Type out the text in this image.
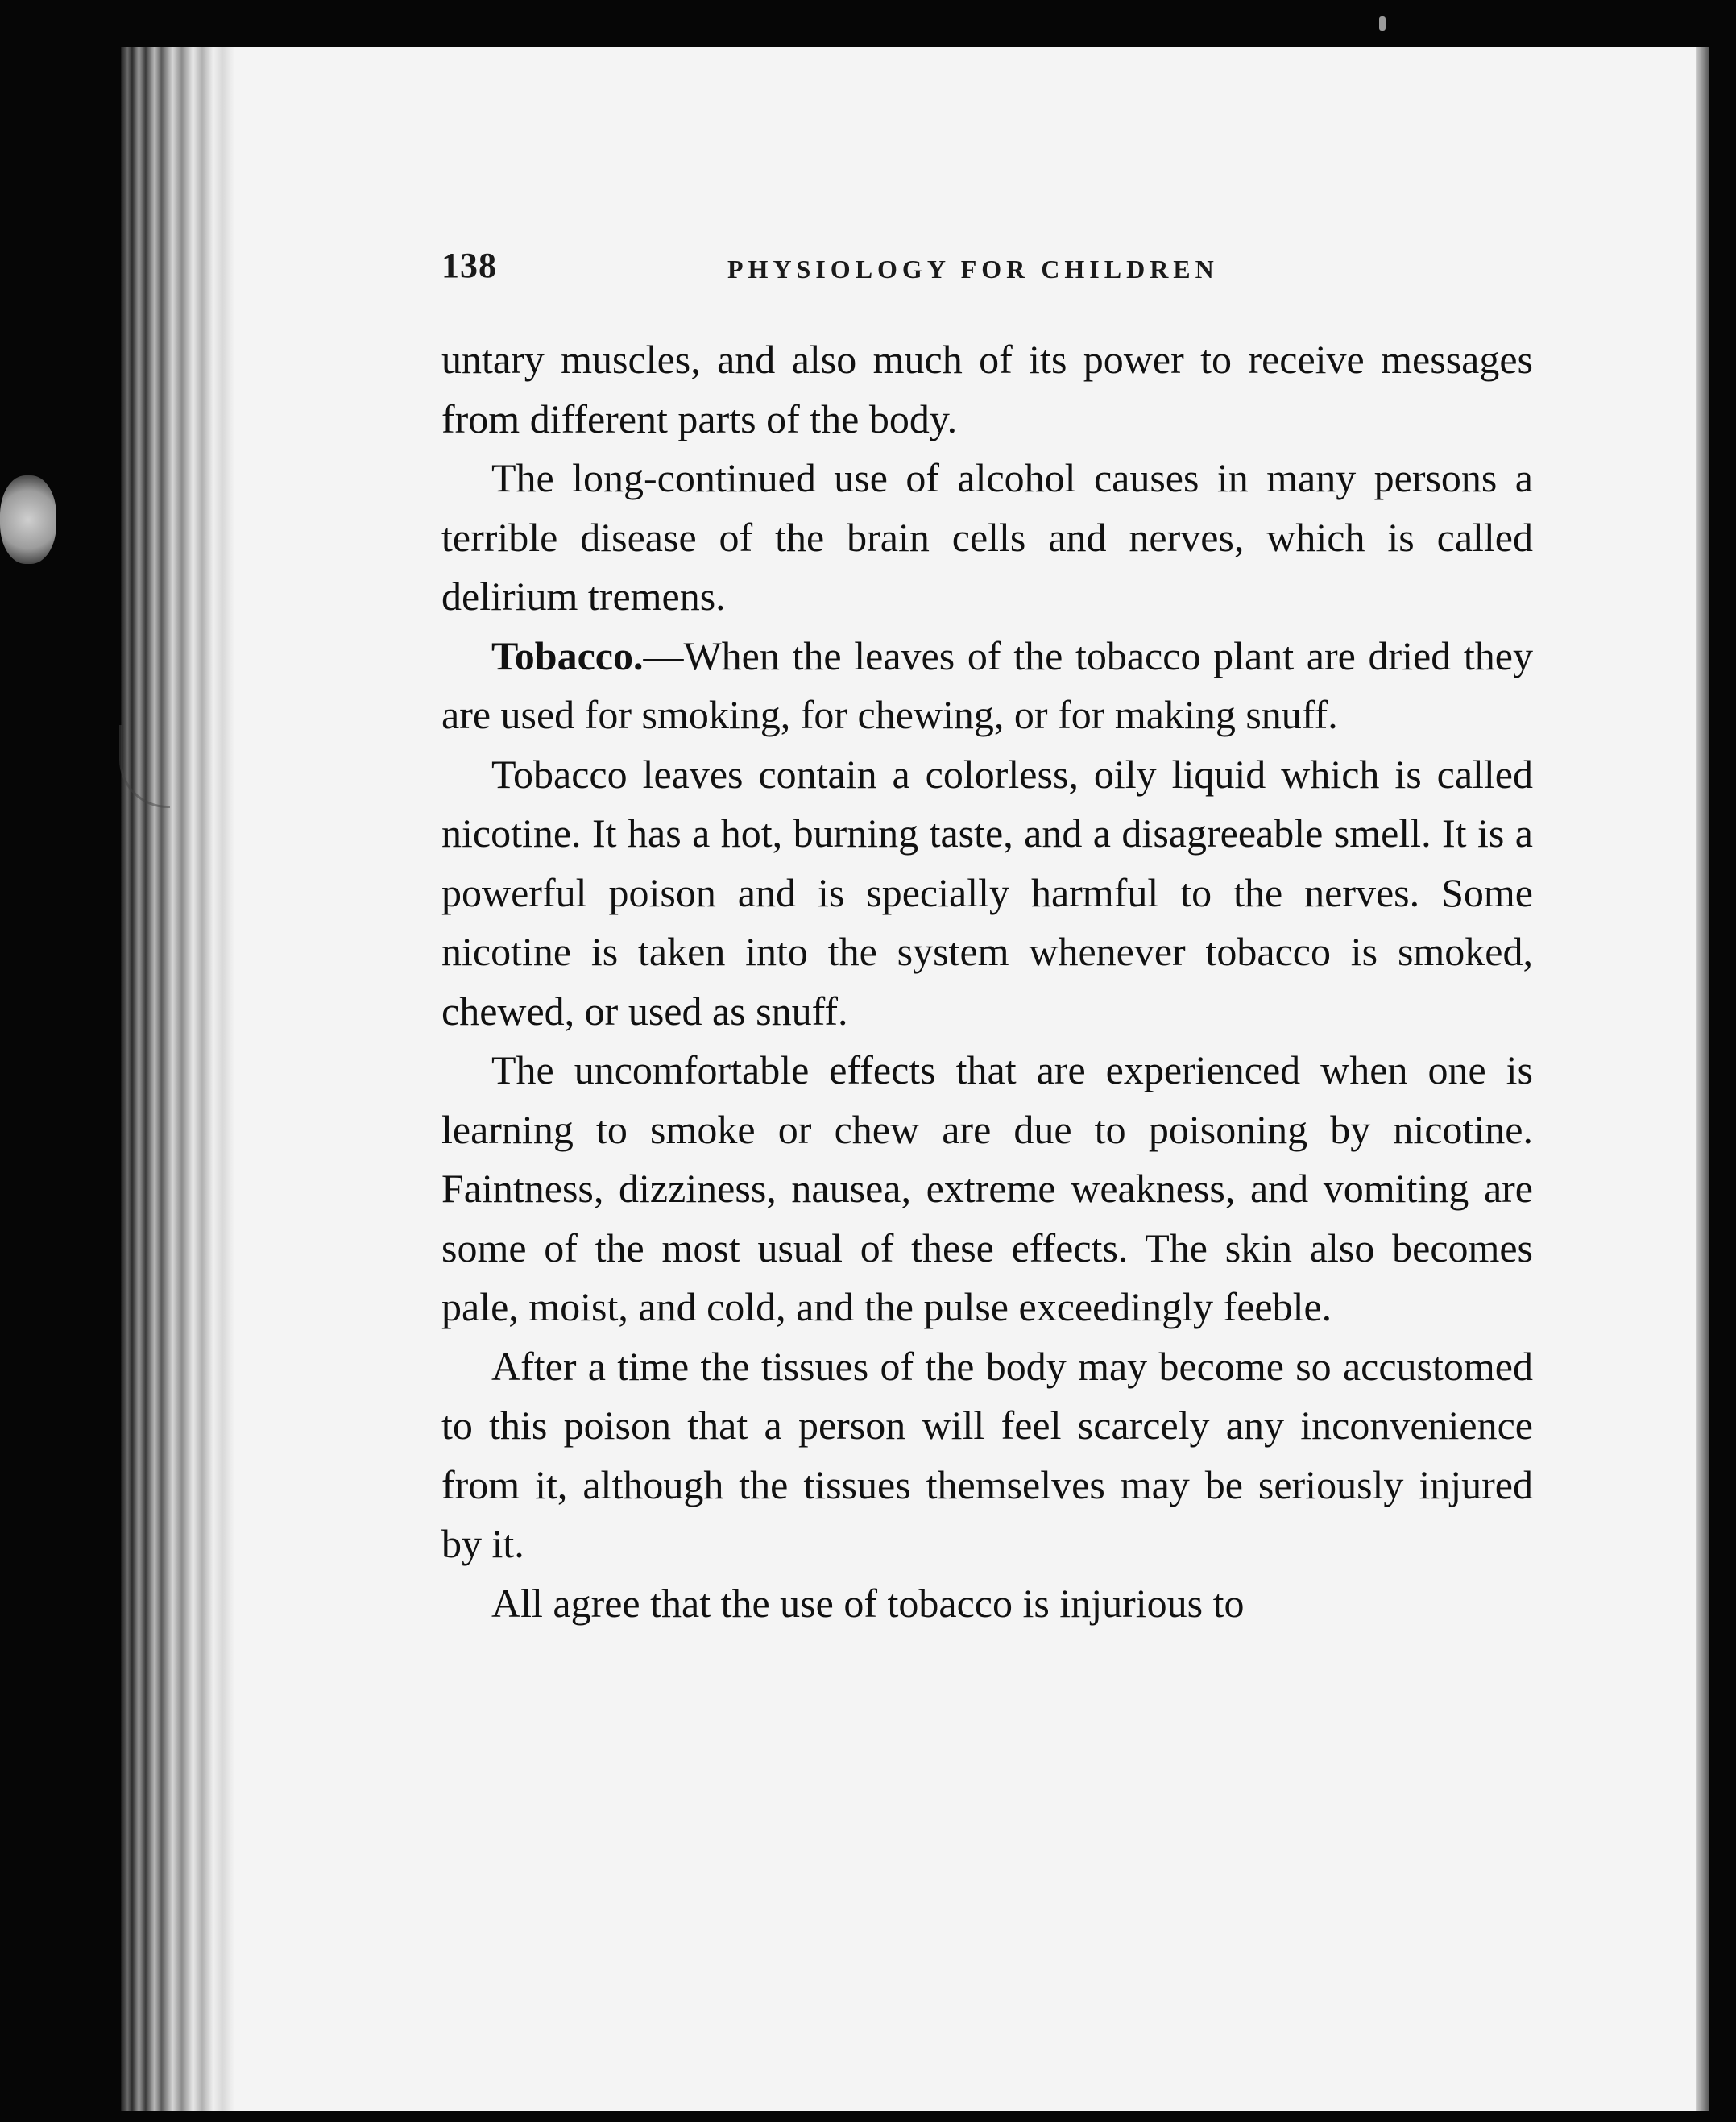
138	PHYSIOLOGY FOR CHILDREN

untary muscles, and also much of its power to receive messages from different parts of the body.

The long-continued use of alcohol causes in many persons a terrible disease of the brain cells and nerves, which is called delirium tremens.

Tobacco.—When the leaves of the tobacco plant are dried they are used for smoking, for chewing, or for making snuff.

Tobacco leaves contain a colorless, oily liquid which is called nicotine. It has a hot, burning taste, and a disagreeable smell. It is a powerful poison and is specially harmful to the nerves. Some nicotine is taken into the system whenever tobacco is smoked, chewed, or used as snuff.

The uncomfortable effects that are experienced when one is learning to smoke or chew are due to poisoning by nicotine. Faintness, dizziness, nausea, extreme weakness, and vomiting are some of the most usual of these effects. The skin also becomes pale, moist, and cold, and the pulse exceedingly feeble.

After a time the tissues of the body may become so accustomed to this poison that a person will feel scarcely any inconvenience from it, although the tissues themselves may be seriously injured by it.

All agree that the use of tobacco is injurious to
